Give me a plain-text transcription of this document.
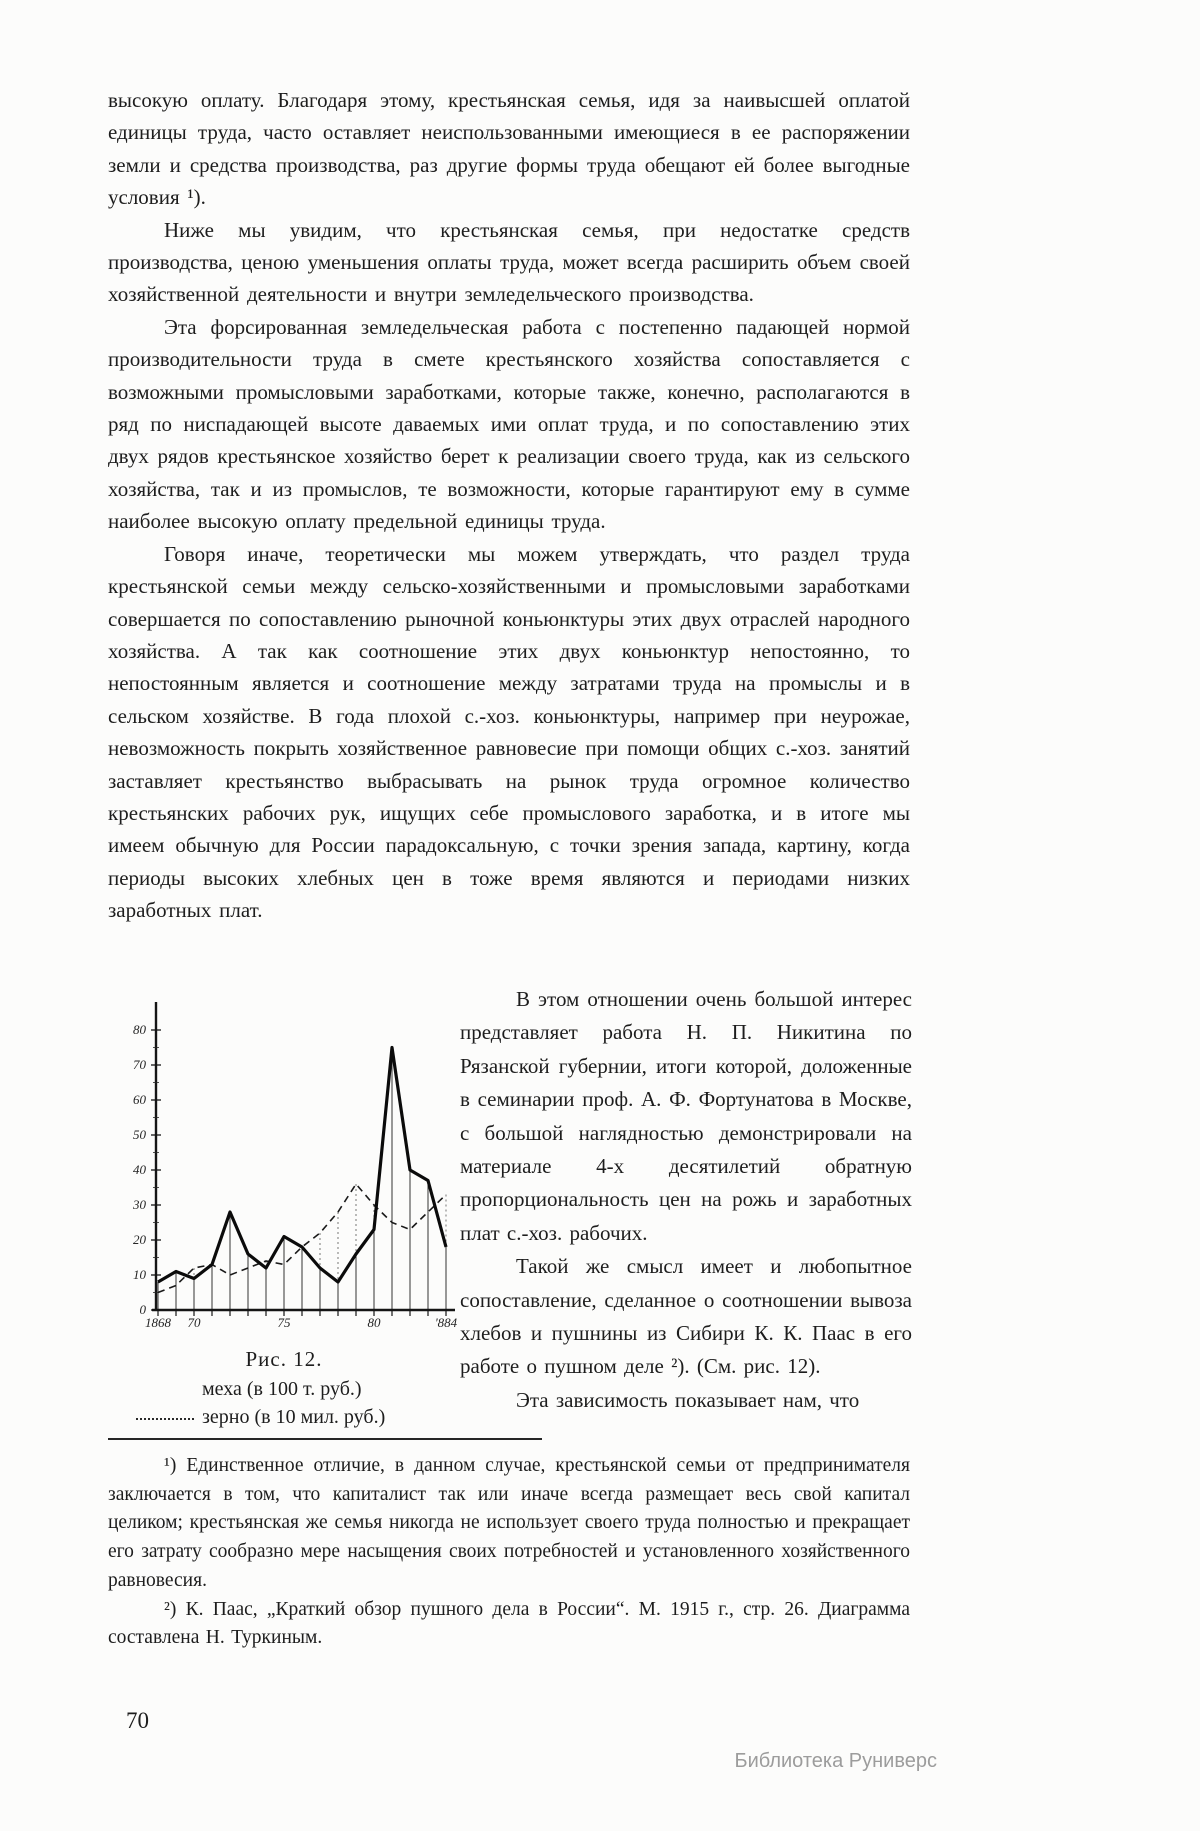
высокую оплату. Благодаря этому, крестьянская семья, идя за наивысшей оплатой единицы труда, часто оставляет неиспользованными имеющиеся в ее распоряжении земли и средства производства, раз другие формы труда обещают ей более выгодные условия ¹).

Ниже мы увидим, что крестьянская семья, при недостатке средств производства, ценою уменьшения оплаты труда, может всегда расширить объем своей хозяйственной деятельности и внутри земледельческого производства.

Эта форсированная земледельческая работа с постепенно падающей нормой производительности труда в смете крестьянского хозяйства сопоставляется с возможными промысловыми заработками, которые также, конечно, располагаются в ряд по ниспадающей высоте даваемых ими оплат труда, и по сопоставлению этих двух рядов крестьянское хозяйство берет к реализации своего труда, как из сельского хозяйства, так и из промыслов, те возможности, которые гарантируют ему в сумме наиболее высокую оплату предельной единицы труда.

Говоря иначе, теоретически мы можем утверждать, что раздел труда крестьянской семьи между сельско-хозяйственными и промысловыми заработками совершается по сопоставлению рыночной коньюнктуры этих двух отраслей народного хозяйства. А так как соотношение этих двух коньюнктур непостоянно, то непостоянным является и соотношение между затратами труда на промыслы и в сельском хозяйстве. В года плохой с.-хоз. коньюнктуры, например при неурожае, невозможность покрыть хозяйственное равновесие при помощи общих с.-хоз. занятий заставляет крестьянство выбрасывать на рынок труда огромное количество крестьянских рабочих рук, ищущих себе промыслового заработка, и в итоге мы имеем обычную для России парадоксальную, с точки зрения запада, картину, когда периоды высоких хлебных цен в тоже время являются и периодами низких заработных плат.

0
10
20
30
40
50
60
70
80
1868 70	75	80	'884
Рис. 12.
меха (в 100 т. руб.)
зерно (в 10 мил. руб.)

В этом отношении очень большой интерес представляет работа Н. П. Никитина по Рязанской губернии, итоги которой, доложенные в семинарии проф. А. Ф. Фортунатова в Москве, с большой наглядностью демонстрировали на материале 4-х десятилетий обратную пропорциональность цен на рожь и заработных плат с.-хоз. рабочих.

Такой же смысл имеет и любопытное сопоставление, сделанное о соотношении вывоза хлебов и пушнины из Сибири К. К. Паас в его работе о пушном деле ²). (См. рис. 12).

Эта зависимость показывает нам, что

¹) Единственное отличие, в данном случае, крестьянской семьи от предпринимателя заключается в том, что капиталист так или иначе всегда размещает весь свой капитал целиком; крестьянская же семья никогда не использует своего труда полностью и прекращает его затрату сообразно мере насыщения своих потребностей и установленного хозяйственного равновесия.

²) К. Паас, „Краткий обзор пушного дела в России“. М. 1915 г., стр. 26. Диаграмма составлена Н. Туркиным.

70
Библиотека Руниверс
